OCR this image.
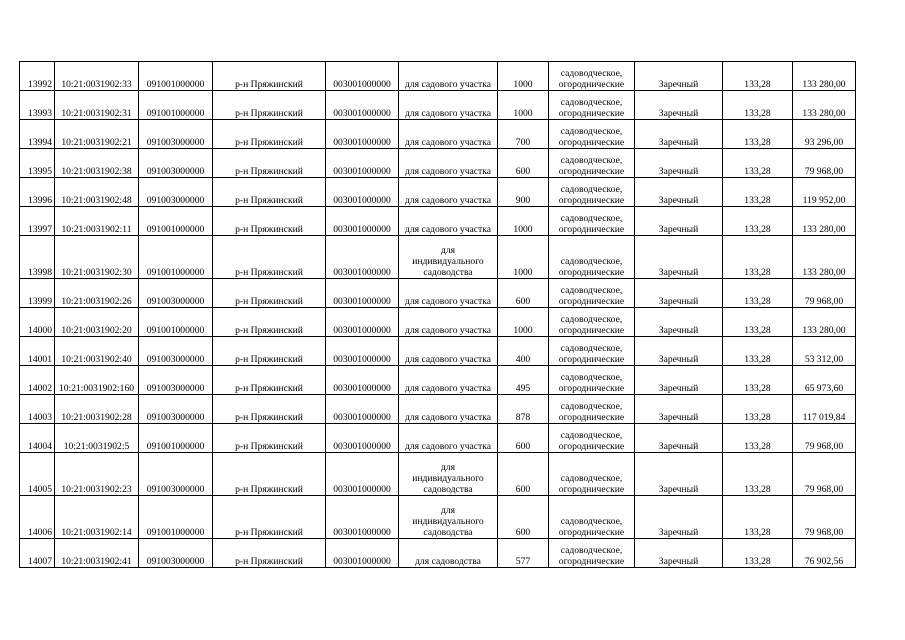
13992	10:21:0031902:33	091001000000	р-н Пряжинский	003001000000	для садового участка	1000	садоводческое,
огороднические	Заречный	133,28	133 280,00
13993	10:21:0031902:31	091001000000	р-н Пряжинский	003001000000	для садового участка	1000	садоводческое,
огороднические	Заречный	133,28	133 280,00
13994	10:21:0031902:21	091003000000	р-н Пряжинский	003001000000	для садового участка	700	садоводческое,
огороднические	Заречный	133,28	93 296,00
13995	10:21:0031902:38	091003000000	р-н Пряжинский	003001000000	для садового участка	600	садоводческое,
огороднические	Заречный	133,28	79 968,00
13996	10:21:0031902:48	091003000000	р-н Пряжинский	003001000000	для садового участка	900	садоводческое,
огороднические	Заречный	133,28	119 952,00
13997	10:21:0031902:11	091001000000	р-н Пряжинский	003001000000	для садового участка	1000	садоводческое,
огороднические	Заречный	133,28	133 280,00
13998	10:21:0031902:30	091001000000	р-н Пряжинский	003001000000	для
индивидуального
садоводства	1000	садоводческое,
огороднические	Заречный	133,28	133 280,00
13999	10:21:0031902:26	091003000000	р-н Пряжинский	003001000000	для садового участка	600	садоводческое,
огороднические	Заречный	133,28	79 968,00
14000	10:21:0031902:20	091001000000	р-н Пряжинский	003001000000	для садового участка	1000	садоводческое,
огороднические	Заречный	133,28	133 280,00
14001	10:21:0031902:40	091003000000	р-н Пряжинский	003001000000	для садового участка	400	садоводческое,
огороднические	Заречный	133,28	53 312,00
14002	10:21:0031902:160	091003000000	р-н Пряжинский	003001000000	для садового участка	495	садоводческое,
огороднические	Заречный	133,28	65 973,60
14003	10:21:0031902:28	091003000000	р-н Пряжинский	003001000000	для садового участка	878	садоводческое,
огороднические	Заречный	133,28	117 019,84
14004	10:21:0031902:5	091001000000	р-н Пряжинский	003001000000	для садового участка	600	садоводческое,
огороднические	Заречный	133,28	79 968,00
14005	10:21:0031902:23	091003000000	р-н Пряжинский	003001000000	для
индивидуального
садоводства	600	садоводческое,
огороднические	Заречный	133,28	79 968,00
14006	10:21:0031902:14	091001000000	р-н Пряжинский	003001000000	для
индивидуального
садоводства	600	садоводческое,
огороднические	Заречный	133,28	79 968,00
14007	10:21:0031902:41	091003000000	р-н Пряжинский	003001000000	для садоводства	577	садоводческое,
огороднические	Заречный	133,28	76 902,56
